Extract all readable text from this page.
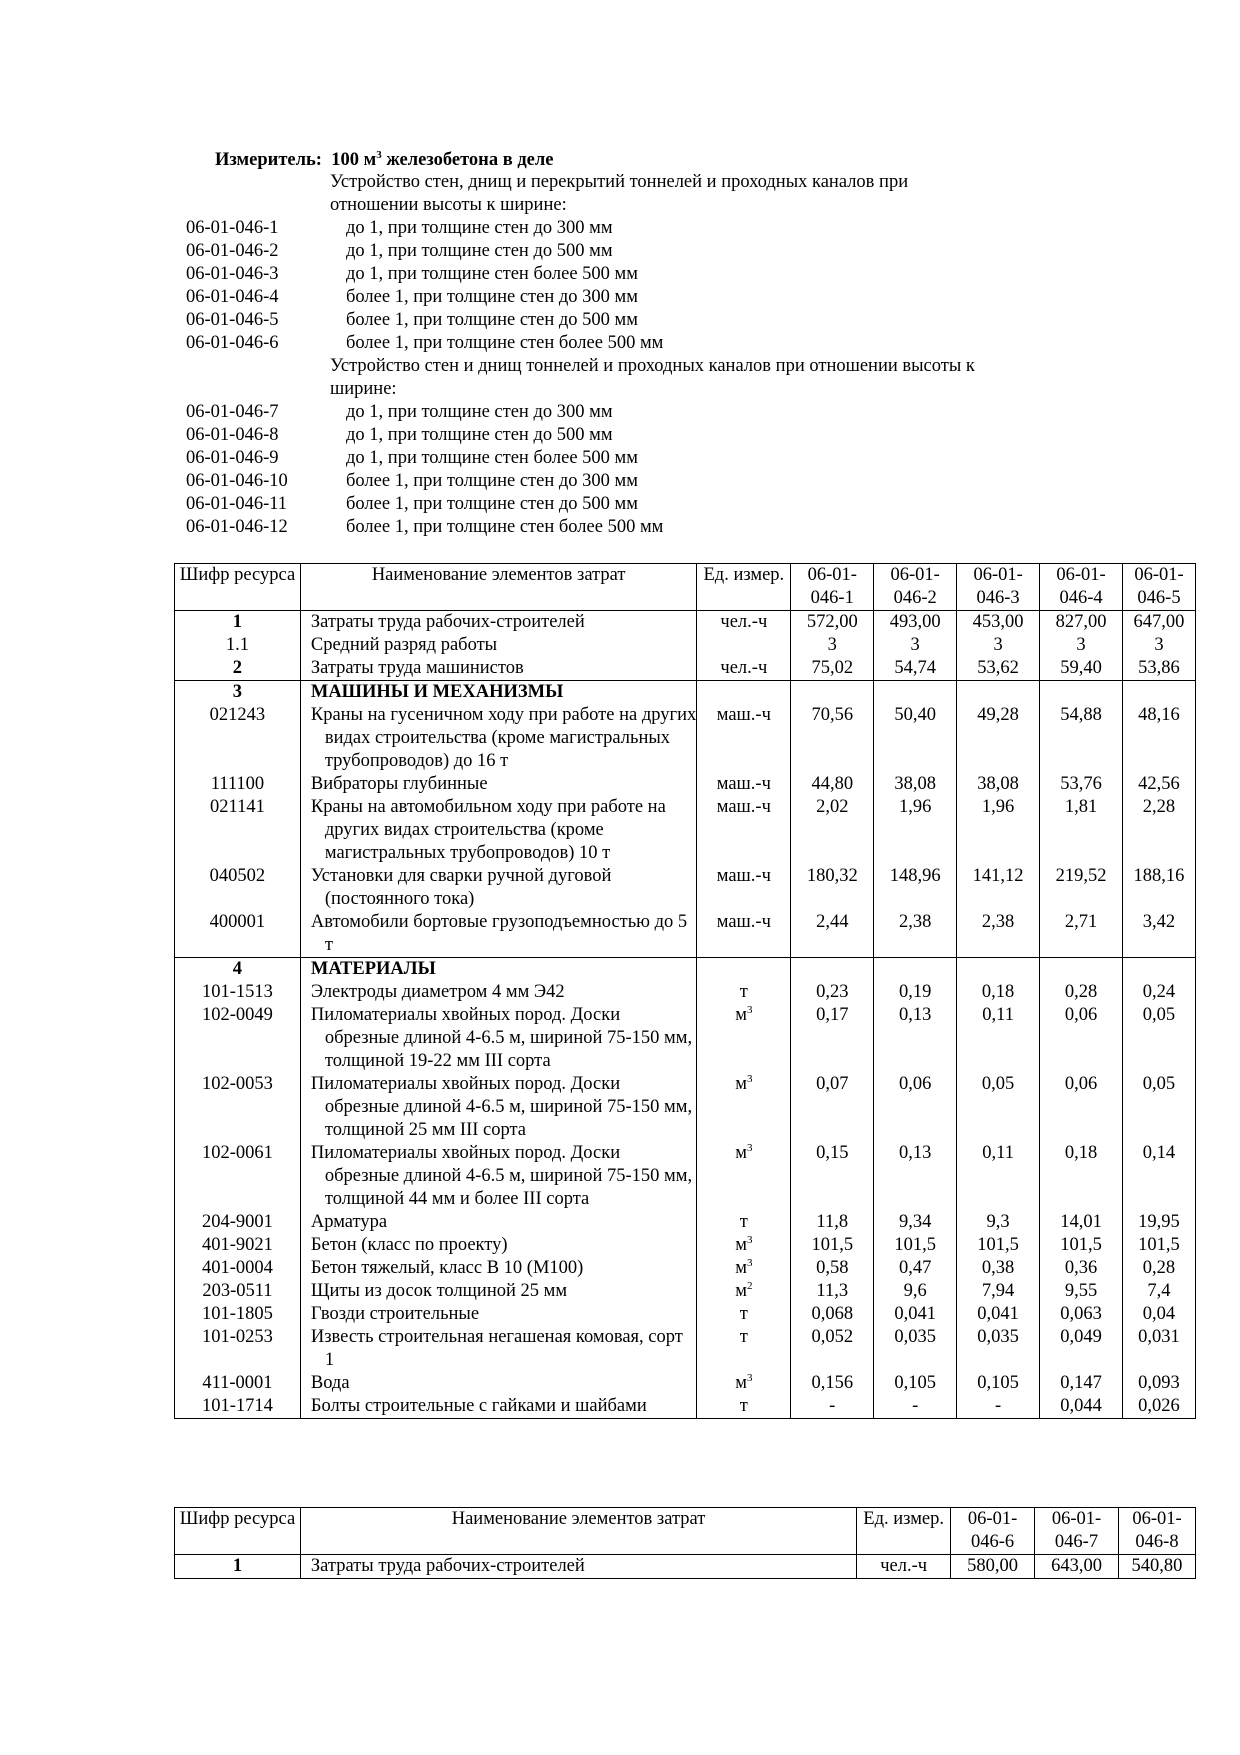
Измеритель: 100 $м^3$ железобетона в деле
Устройство стен, днищ и перекрытий тоннелей и проходных каналов при
отношении высоты к ширине:
06-01-046-1	до 1, при толщине стен до 300 мм
06-01-046-2	до 1, при толщине стен до 500 мм
06-01-046-3	до 1, при толщине стен более 500 мм
06-01-046-4	более 1, при толщине стен до 300 мм
06-01-046-5	более 1, при толщине стен до 500 мм
06-01-046-6	более 1, при толщине стен более 500 мм
Устройство стен и днищ тоннелей и проходных каналов при отношении высоты к
ширине:
06-01-046-7	до 1, при толщине стен до 300 мм
06-01-046-8	до 1, при толщине стен до 500 мм
06-01-046-9	до 1, при толщине стен более 500 мм
06-01-046-10	более 1, при толщине стен до 300 мм
06-01-046-11	более 1, при толщине стен до 500 мм
06-01-046-12	более 1, при толщине стен более 500 мм
Шифр ресурса	Наименование элементов затрат	Ед. измер.	06-01-046-1	06-01-046-2	06-01-046-3	06-01-046-4	06-01-046-5
1	Затраты труда рабочих-строителей	чел.-ч	572,00	493,00	453,00	827,00	647,00
1.1	Средний разряд работы		3	3	3	3	3
2	Затраты труда машинистов	чел.-ч	75,02	54,74	53,62	59,40	53,86
3	МАШИНЫ И МЕХАНИЗМЫ						

021243	Краны на гусеничном ходу при работе на других видах строительства (кроме магистральных трубопроводов) до 16 т	маш.-ч	70,56	50,40	49,28	54,88	48,16
111100	Вибраторы глубинные	маш.-ч	44,80	38,08	38,08	53,76	42,56
021141	Краны на автомобильном ходу при работе на других видах строительства (кроме магистральных трубопроводов) 10 т	маш.-ч	2,02	1,96	1,96	1,81	2,28
040502	Установки для сварки ручной дуговой (постоянного тока)	маш.-ч	180,32	148,96	141,12	219,52	188,16
400001	Автомобили бортовые грузоподъемностью до 5 т	маш.-ч	2,44	2,38	2,38	2,71	3,42
4	МАТЕРИАЛЫ						

101-1513	Электроды диаметром 4 мм Э42	т	0,23	0,19	0,18	0,28	0,24
102-0049	Пиломатериалы хвойных пород. Доски обрезные длиной 4-6.5 м, шириной 75-150 мм, толщиной 19-22 мм III сорта	$м^3$	0,17	0,13	0,11	0,06	0,05
102-0053	Пиломатериалы хвойных пород. Доски обрезные длиной 4-6.5 м, шириной 75-150 мм, толщиной 25 мм III сорта	$м^3$	0,07	0,06	0,05	0,06	0,05
102-0061	Пиломатериалы хвойных пород. Доски обрезные длиной 4-6.5 м, шириной 75-150 мм, толщиной 44 мм и более III сорта	$м^3$	0,15	0,13	0,11	0,18	0,14
204-9001	Арматура	т	11,8	9,34	9,3	14,01	19,95
401-9021	Бетон (класс по проекту)	$м^3$	101,5	101,5	101,5	101,5	101,5
401-0004	Бетон тяжелый, класс В 10 (М100)	$м^3$	0,58	0,47	0,38	0,36	0,28
203-0511	Щиты из досок толщиной 25 мм	$м^2$	11,3	9,6	7,94	9,55	7,4
101-1805	Гвозди строительные	т	0,068	0,041	0,041	0,063	0,04
101-0253	Известь строительная негашеная комовая, сорт 1	т	0,052	0,035	0,035	0,049	0,031
411-0001	Вода	$м^3$	0,156	0,105	0,105	0,147	0,093
101-1714	Болты строительные с гайками и шайбами	т	-	-	-	0,044	0,026
Шифр ресурса	Наименование элементов затрат	Ед. измер.	06-01-046-6	06-01-046-7	06-01-046-8
1	Затраты труда рабочих-строителей	чел.-ч	580,00	643,00	540,80
